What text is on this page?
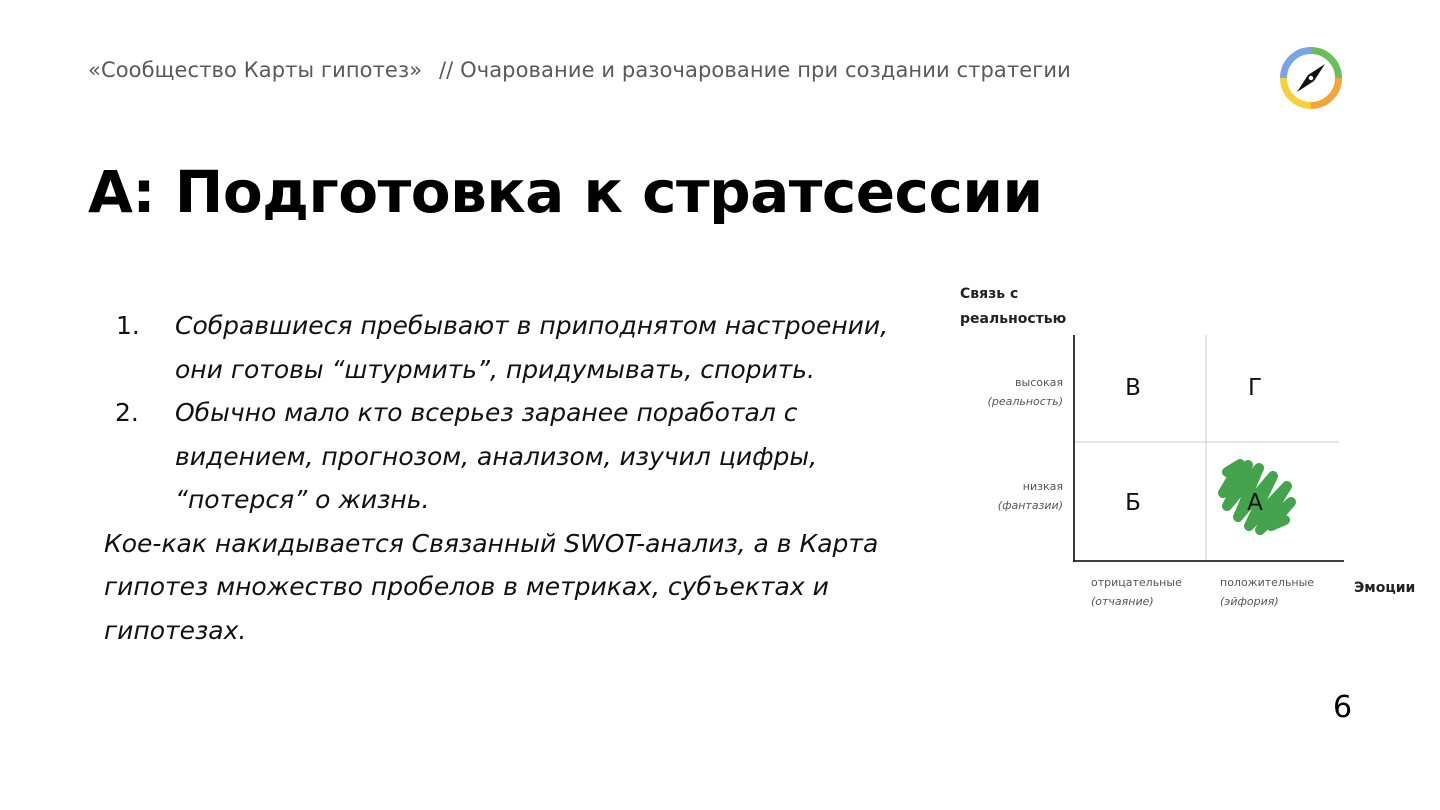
«Сообщество Карты гипотез» // Очарование и разочарование при создании стратегии
А: Подготовка к стратсессии
1. Собравшиеся пребывают в приподнятом настроении, они готовы “штурмить”, придумывать, спорить.
2. Обычно мало кто всерьез заранее поработал с видением, прогнозом, анализом, изучил цифры, “потерся” о жизнь.

Кое-как накидывается Связанный SWOT-анализ, а в Карта гипотез множество пробелов в метриках, субъектах и гипотезах.

Связь с
реальностью
высокая
(реальность)
низкая
(фантазии)
отрицательные
(отчаяние)
положительные
(эйфория)
Эмоции
В	Г
Б	А
6
